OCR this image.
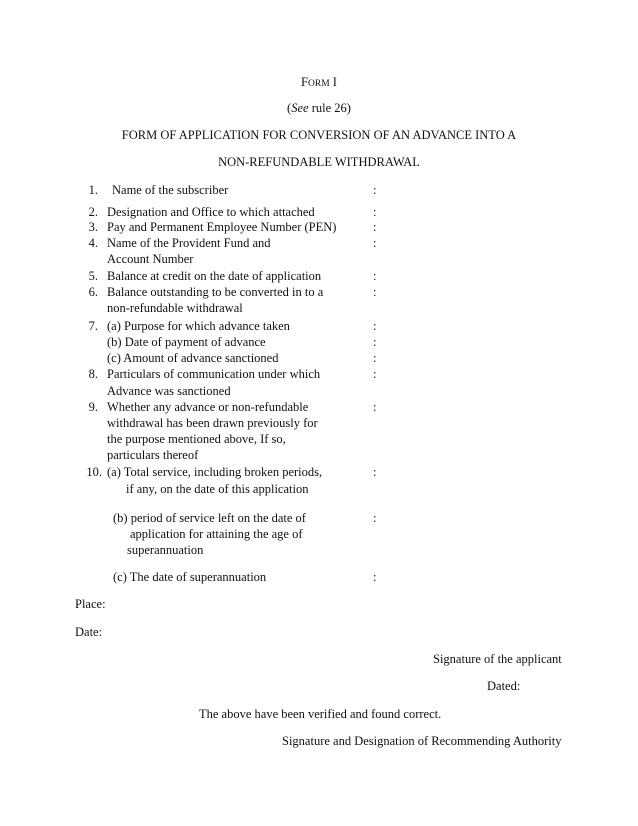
FORM I
(See rule 26)
FORM OF APPLICATION FOR CONVERSION OF AN ADVANCE INTO A
NON-REFUNDABLE WITHDRAWAL
1. Name of the subscriber	:
2. Designation and Office to which attached	:
3. Pay and Permanent Employee Number (PEN)	:
4. Name of the Provident Fund and
Account Number
:
5. Balance at credit on the date of application	:
6. Balance outstanding to be converted in to a
non-refundable withdrawal
:
7. (a) Purpose for which advance taken	:
(b) Date of payment of advance	:
(c) Amount of advance sanctioned	:
8. Particulars of communication under which
Advance was sanctioned
:
9. Whether any advance or non-refundable
withdrawal has been drawn previously for
the purpose mentioned above, If so,
particulars thereof
:
10. (a) Total service, including broken periods,
if any, on the date of this application
:
(b) period of service left on the date of
application for attaining the age of
superannuation
:
(c) The date of superannuation	:
Place:
Date:
Signature of the applicant
Dated:
The above have been verified and found correct.
Signature and Designation of Recommending Authority
